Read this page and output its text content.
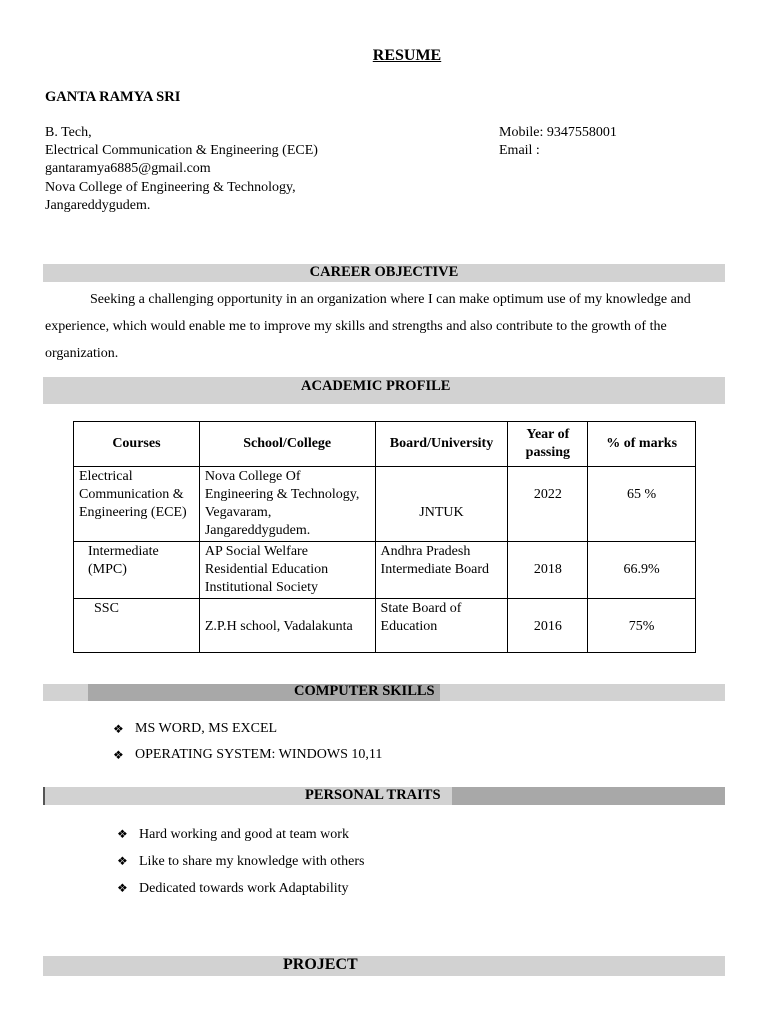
RESUME
GANTA RAMYA SRI
B. Tech,
Electrical Communication & Engineering (ECE)
gantaramya6885@gmail.com
Nova College of Engineering & Technology,
Jangareddygudem.
Mobile: 9347558001
Email :
CAREER OBJECTIVE
Seeking a challenging opportunity in an organization where I can make optimum use of my knowledge and experience, which would enable me to improve my skills and strengths and also contribute to the growth of the organization.
ACADEMIC PROFILE
Courses	School/College	Board/University	Year of passing	% of marks
Electrical Communication & Engineering (ECE)	Nova College Of Engineering & Technology, Vegavaram, Jangareddygudem.	JNTUK	2022	65 %
Intermediate (MPC)	AP Social Welfare Residential Education Institutional Society	Andhra Pradesh Intermediate Board	2018	66.9%
SSC	Z.P.H school, Vadalakunta	State Board of Education	2016	75%
COMPUTER SKILLS
❖ MS WORD, MS EXCEL
❖ OPERATING SYSTEM: WINDOWS 10,11
PERSONAL TRAITS
❖ Hard working and good at team work
❖ Like to share my knowledge with others
❖ Dedicated towards work Adaptability
PROJECT
